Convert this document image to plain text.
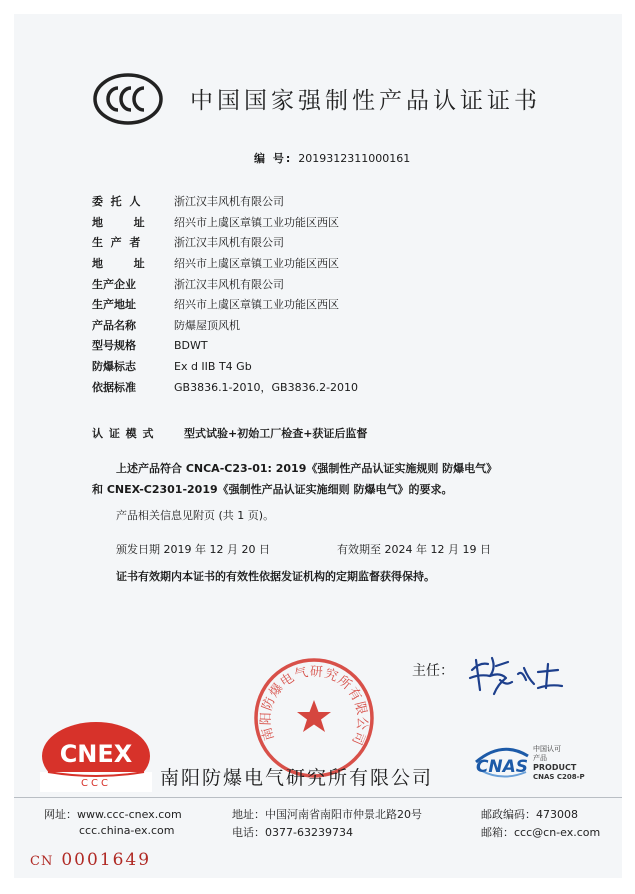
中国国家强制性产品认证证书
编 号: 2019312311000161
委  托  人	浙江汉丰风机有限公司
地        址	绍兴市上虞区章镇工业功能区西区
生  产  者	浙江汉丰风机有限公司
地        址	绍兴市上虞区章镇工业功能区西区
生产企业	浙江汉丰风机有限公司
生产地址	绍兴市上虞区章镇工业功能区西区
产品名称	防爆屋顶风机
型号规格	BDWT
防爆标志	Ex d IIB T4 Gb
依据标准	GB3836.1-2010，GB3836.2-2010
认 证 模 式	型式试验+初始工厂检查+获证后监督
上述产品符合 CNCA-C23-01: 2019《强制性产品认证实施规则 防爆电气》
和 CNEX-C2301-2019《强制性产品认证实施细则 防爆电气》的要求。
产品相关信息见附页 (共 1 页)。
颁发日期 2019 年 12 月 20 日	有效期至 2024 年 12 月 19 日
证书有效期内本证书的有效性依据发证机构的定期监督获得保持。
南阳防爆电气研究所有限公司
主任：
CNEX
CCC	南阳防爆电气研究所有限公司	CNAS
中国认可
产品
PRODUCT
CNAS C208-P
网址：www.ccc-cnex.com
ccc.china-ex.com
地址：中国河南省南阳市仲景北路20号
电话：0377-63239734
邮政编码：473008
邮箱：ccc@cn-ex.com
CN 0001649
